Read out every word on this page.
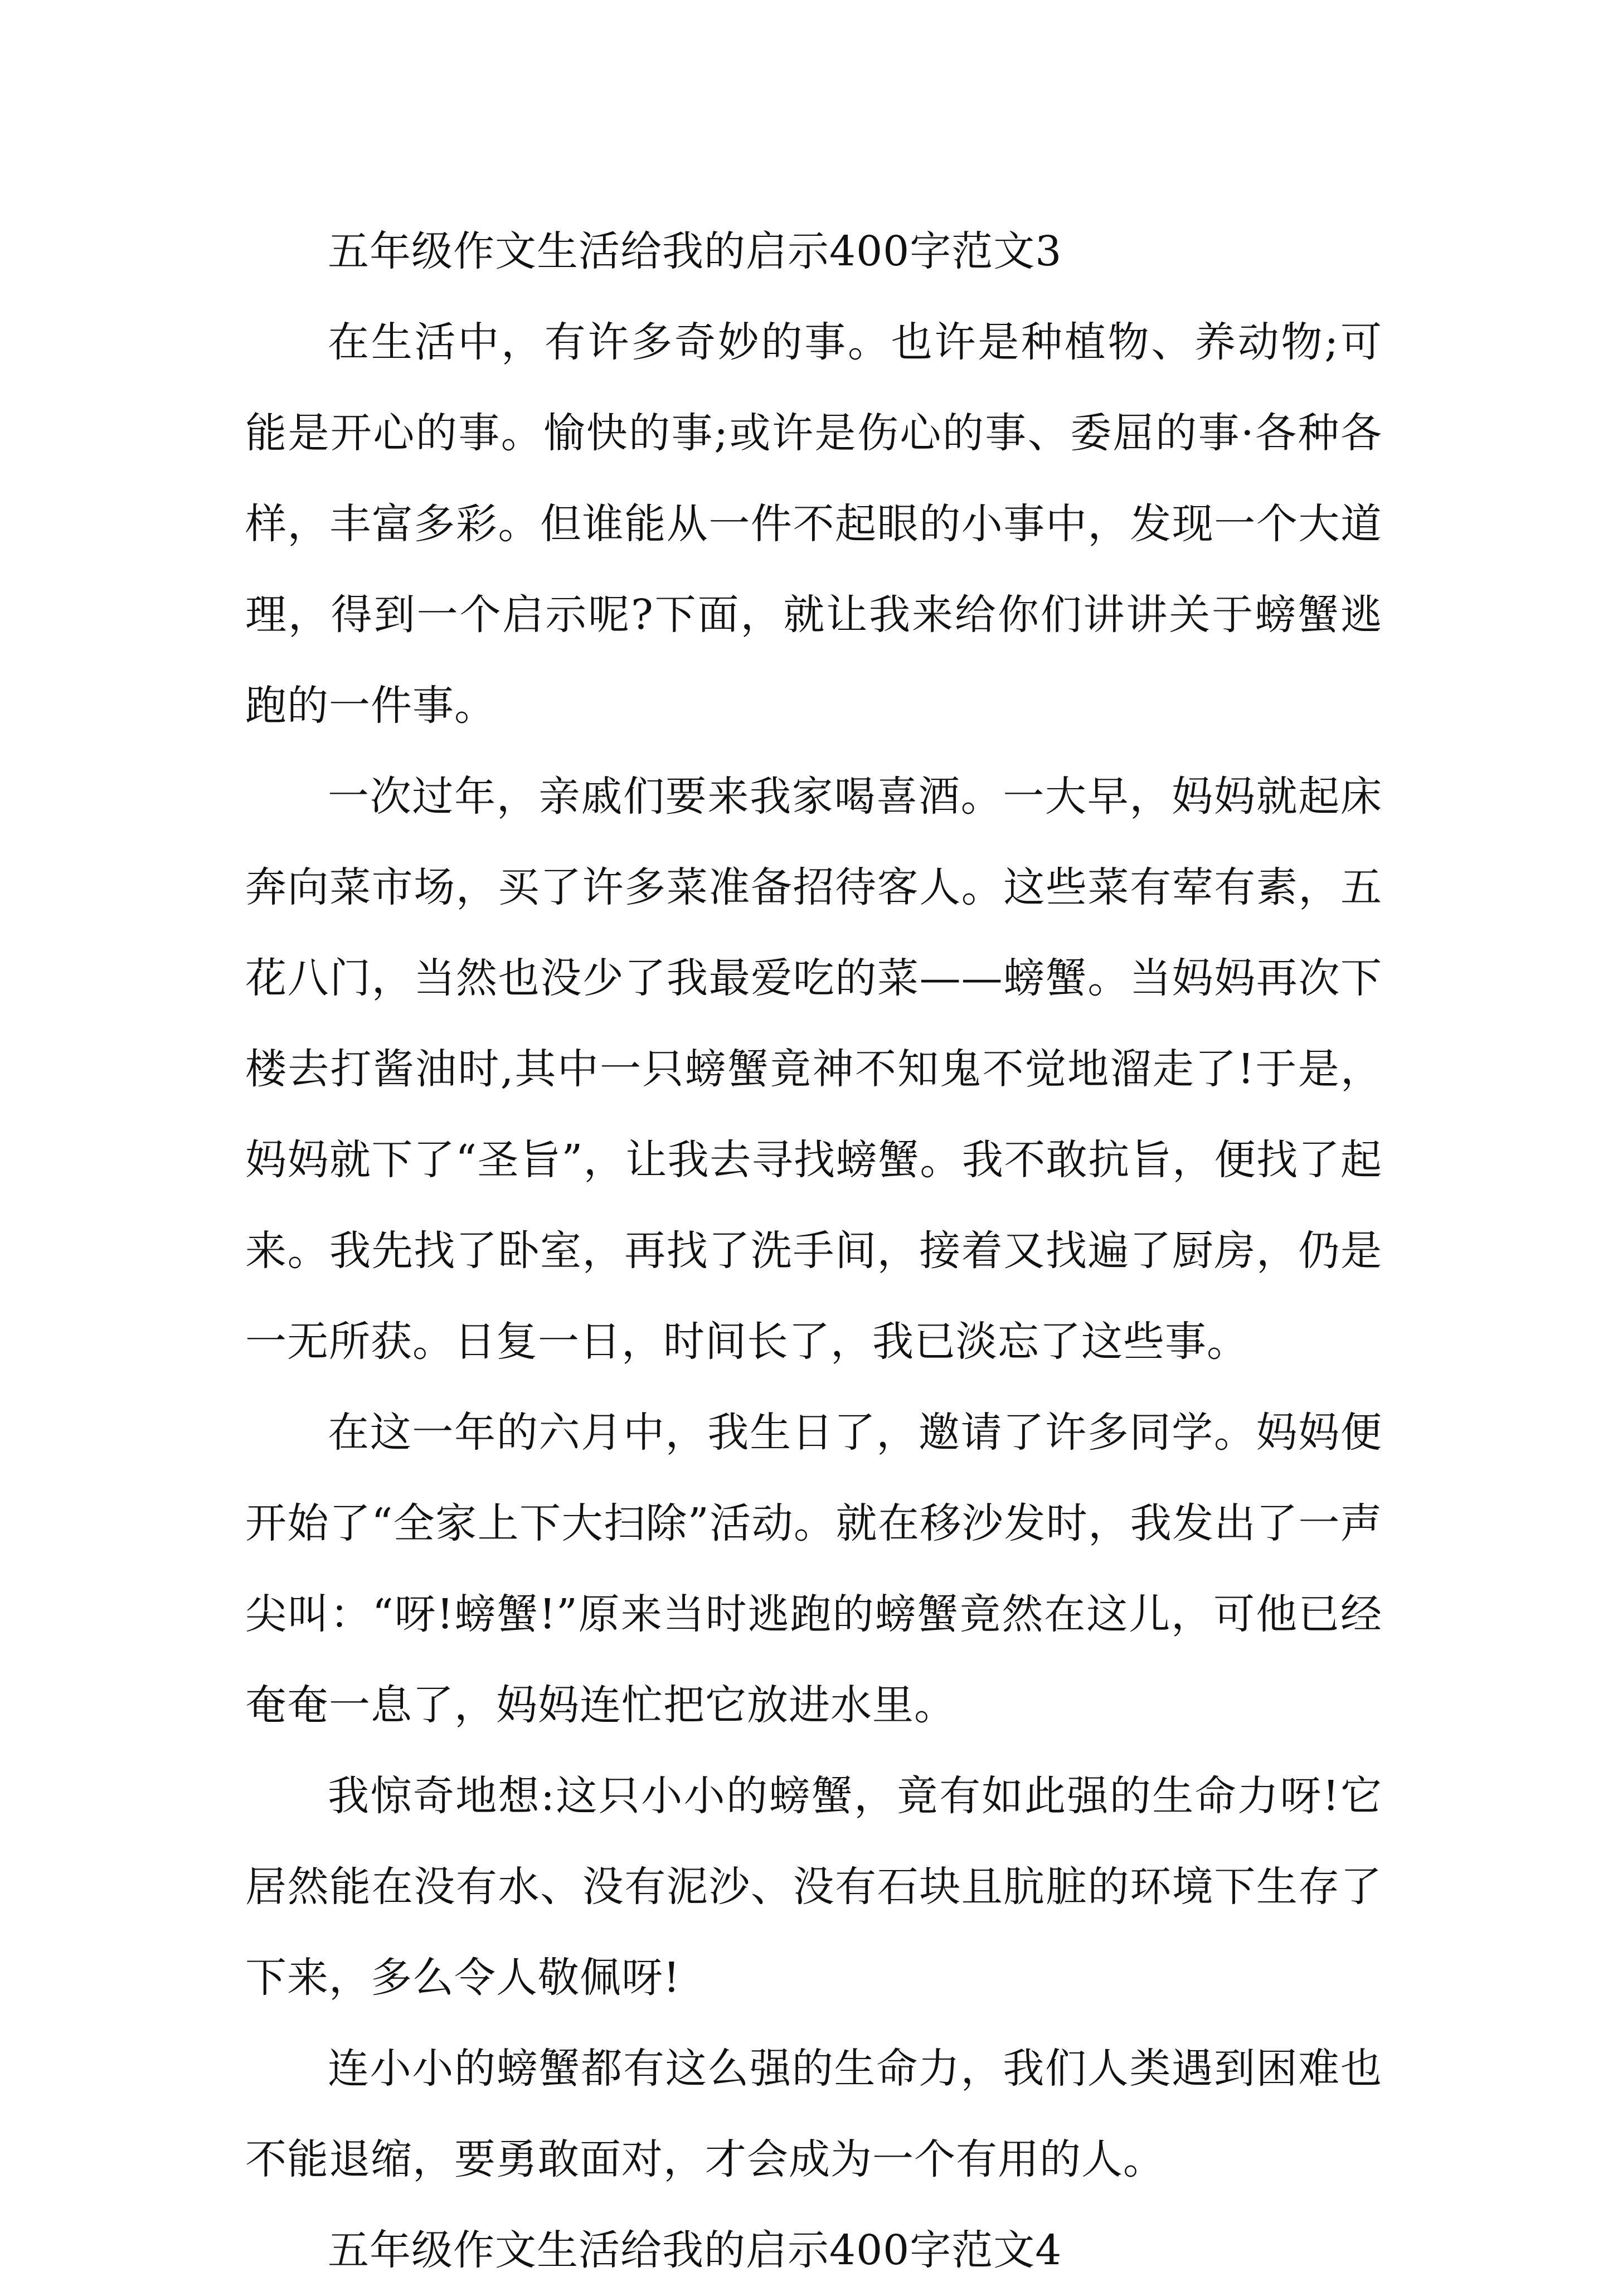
五年级作文生活给我的启示400字范文3

在生活中，有许多奇妙的事。也许是种植物、养动物;可能是开心的事。愉快的事;或许是伤心的事、委屈的事·各种各样，丰富多彩。但谁能从一件不起眼的小事中，发现一个大道理，得到一个启示呢?下面，就让我来给你们讲讲关于螃蟹逃跑的一件事。

一次过年，亲戚们要来我家喝喜酒。一大早，妈妈就起床奔向菜市场，买了许多菜准备招待客人。这些菜有荤有素，五花八门，当然也没少了我最爱吃的菜——螃蟹。当妈妈再次下楼去打酱油时,其中一只螃蟹竟神不知鬼不觉地溜走了!于是，妈妈就下了“圣旨”，让我去寻找螃蟹。我不敢抗旨，便找了起来。我先找了卧室，再找了洗手间，接着又找遍了厨房，仍是一无所获。日复一日，时间长了，我已淡忘了这些事。

在这一年的六月中，我生日了，邀请了许多同学。妈妈便开始了“全家上下大扫除”活动。就在移沙发时，我发出了一声尖叫：“呀!螃蟹!”原来当时逃跑的螃蟹竟然在这儿，可他已经奄奄一息了，妈妈连忙把它放进水里。

我惊奇地想:这只小小的螃蟹，竟有如此强的生命力呀!它居然能在没有水、没有泥沙、没有石块且肮脏的环境下生存了下来，多么令人敬佩呀!

连小小的螃蟹都有这么强的生命力，我们人类遇到困难也不能退缩，要勇敢面对，才会成为一个有用的人。

五年级作文生活给我的启示400字范文4
